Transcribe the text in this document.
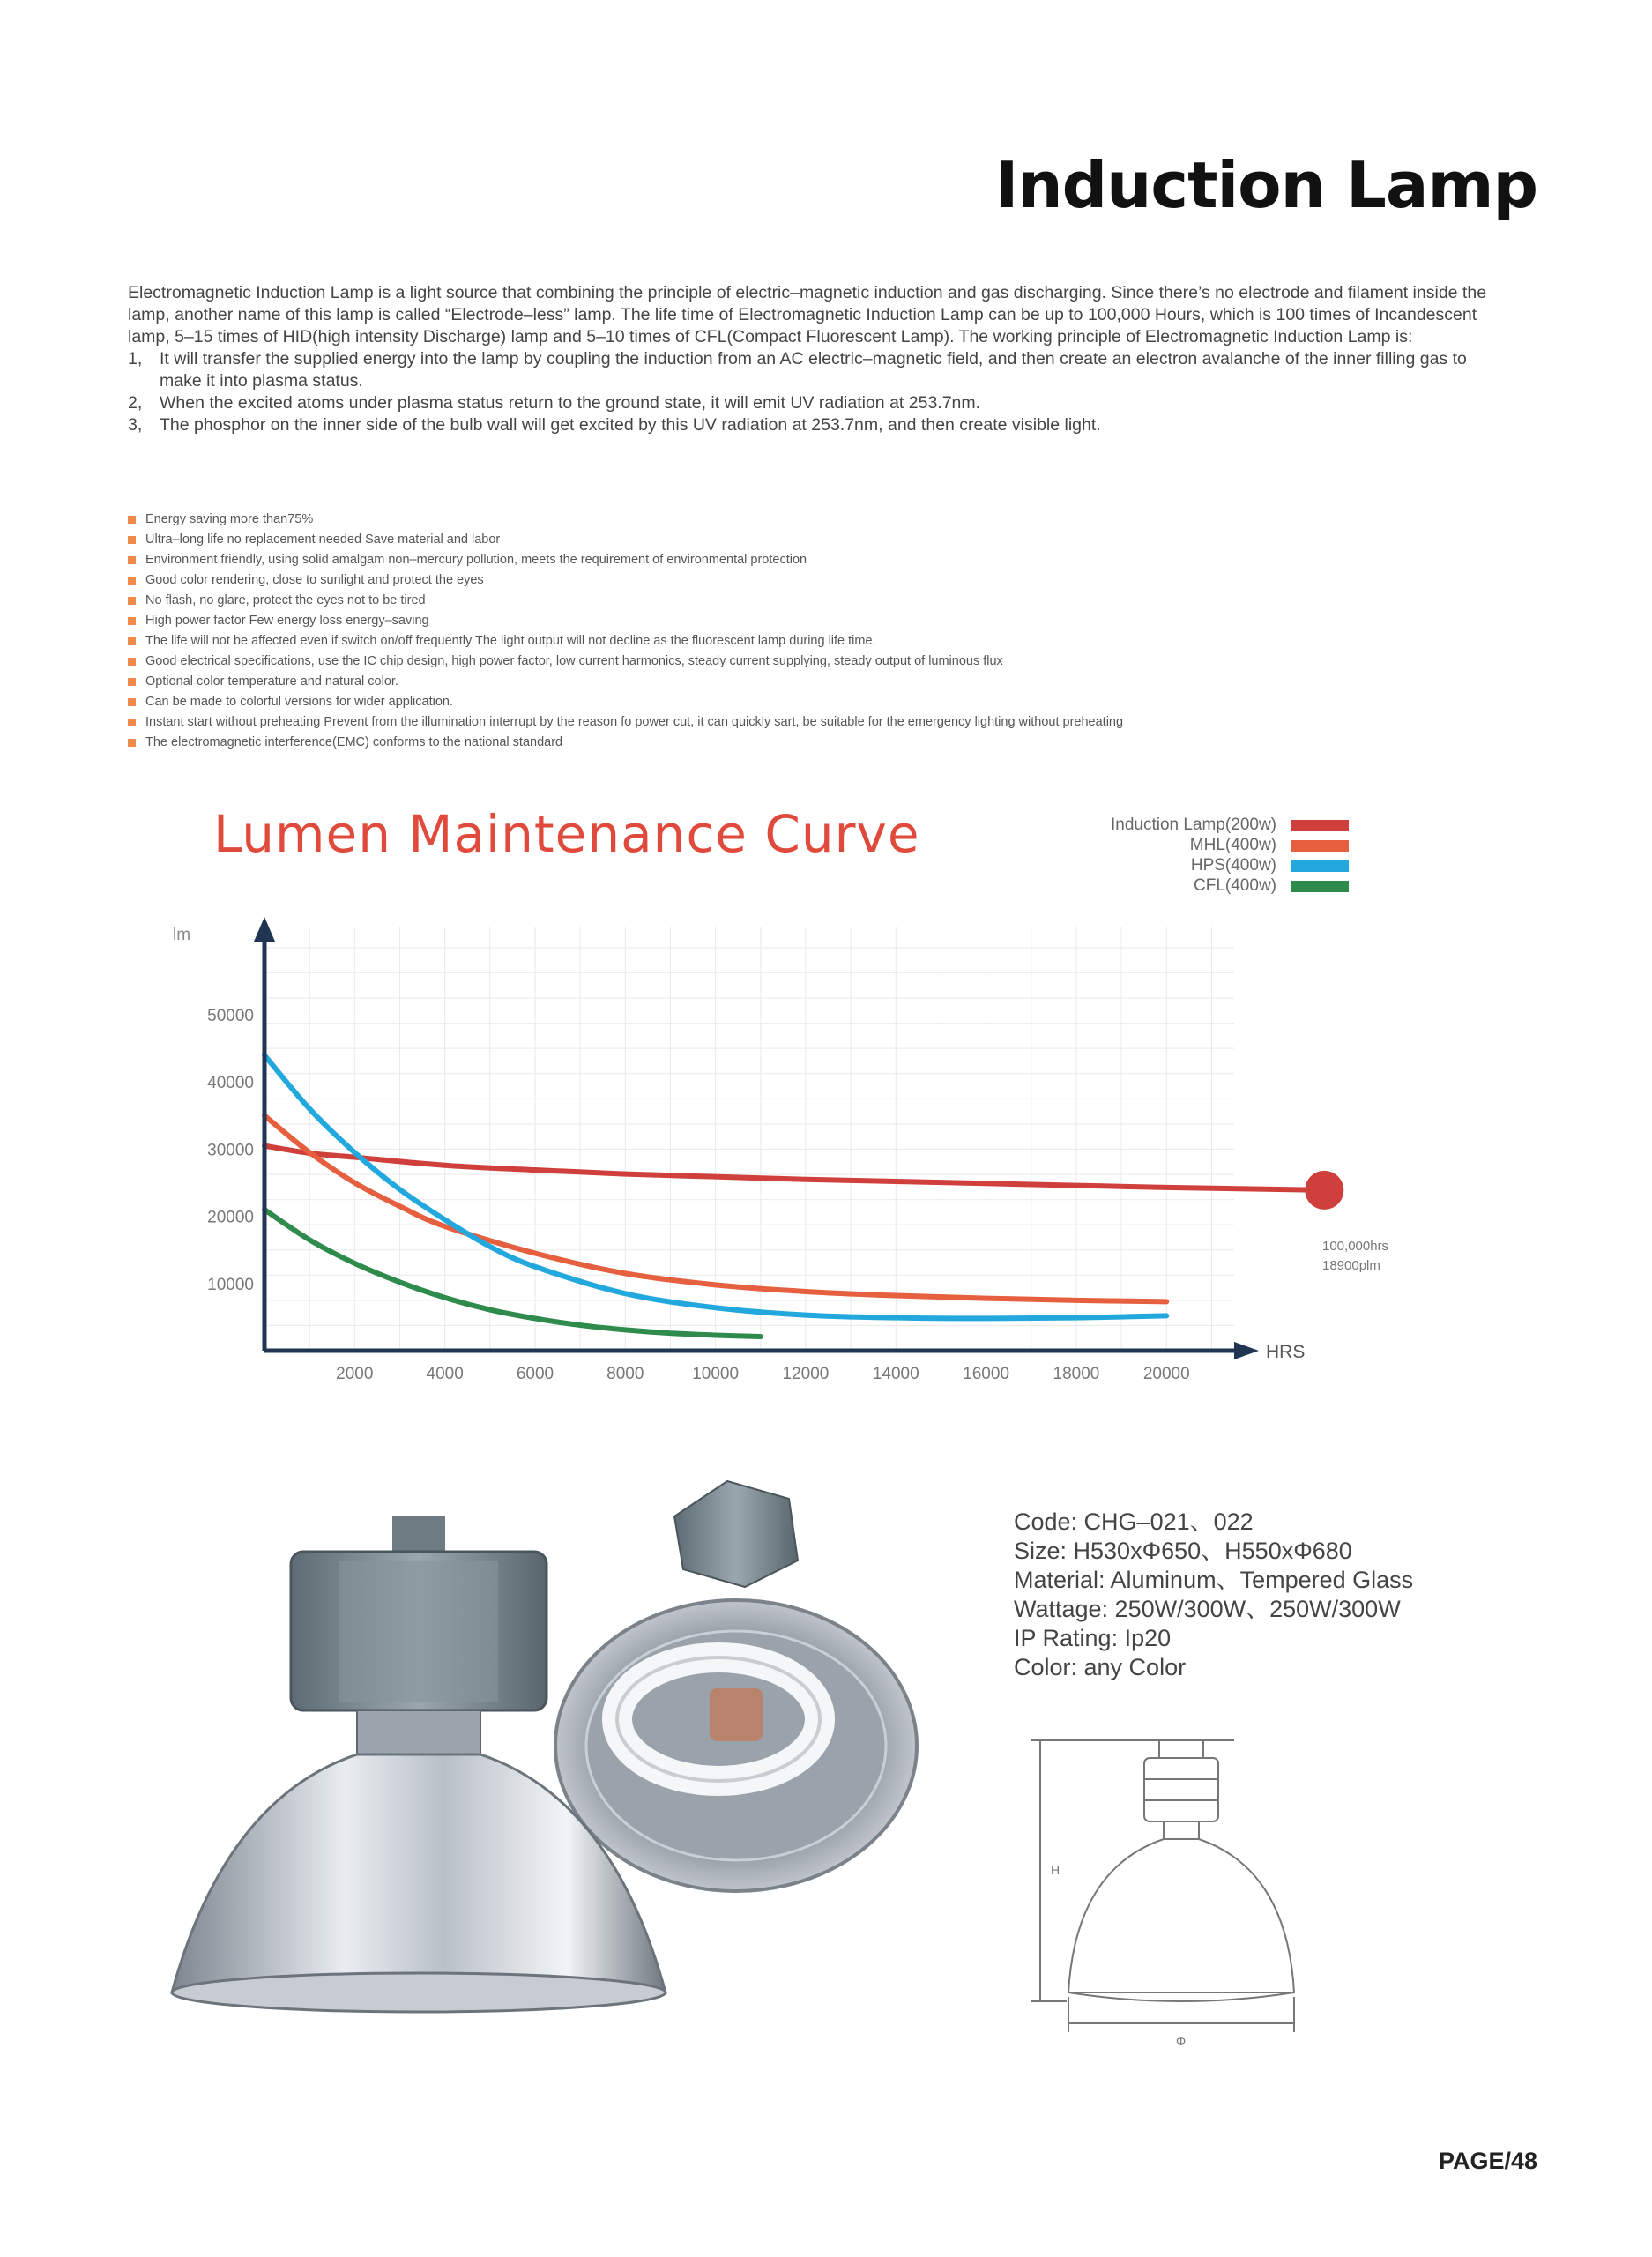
Induction Lamp

Electromagnetic Induction Lamp is a light source that combining the principle of electric–magnetic induction and gas discharging. Since there’s no electrode and filament inside the lamp, another name of this lamp is called “Electrode–less” lamp. The life time of Electromagnetic Induction Lamp can be up to 100,000 Hours, which is 100 times of Incandescent lamp, 5–15 times of HID(high intensity Discharge) lamp and 5–10 times of CFL(Compact Fluorescent Lamp). The working principle of Electromagnetic Induction Lamp is:

1, It will transfer the supplied energy into the lamp by coupling the induction from an AC electric–magnetic field, and then create an electron avalanche of the inner filling gas to make it into plasma status.
2, When the excited atoms under plasma status return to the ground state, it will emit UV radiation at 253.7nm.
3, The phosphor on the inner side of the bulb wall will get excited by this UV radiation at 253.7nm, and then create visible light.
Energy saving more than75%
Ultra–long life no replacement needed Save material and labor
Environment friendly, using solid amalgam non–mercury pollution, meets the requirement of environmental protection
Good color rendering, close to sunlight and protect the eyes
No flash, no glare, protect the eyes not to be tired
High power factor Few energy loss energy–saving
The life will not be affected even if switch on/off frequently The light output will not decline as the fluorescent lamp during life time.
Good electrical specifications, use the IC chip design, high power factor, low current harmonics, steady current supplying, steady output of luminous flux
Optional color temperature and natural color.
Can be made to colorful versions for wider application.
Instant start without preheating Prevent from the illumination interrupt by the reason fo power cut, it can quickly sart, be suitable for the emergency lighting without preheating
The electromagnetic interference(EMC) conforms to the national standard
100,000hrs
18900plm
lm
HRS
10000
20000
30000
40000
50000
2000	4000	6000	8000	10000	12000	14000	16000	18000	20000
Lumen Maintenance Curve	Induction Lamp(200w)
MHL(400w)
HPS(400w)
CFL(400w)
Code: CHG–021、022
Size: H530xΦ650、H550xΦ680
Material: Aluminum、Tempered Glass
Wattage: 250W/300W、250W/300W
IP Rating: Ip20
Color: any Color
H
Φ
PAGE/48
